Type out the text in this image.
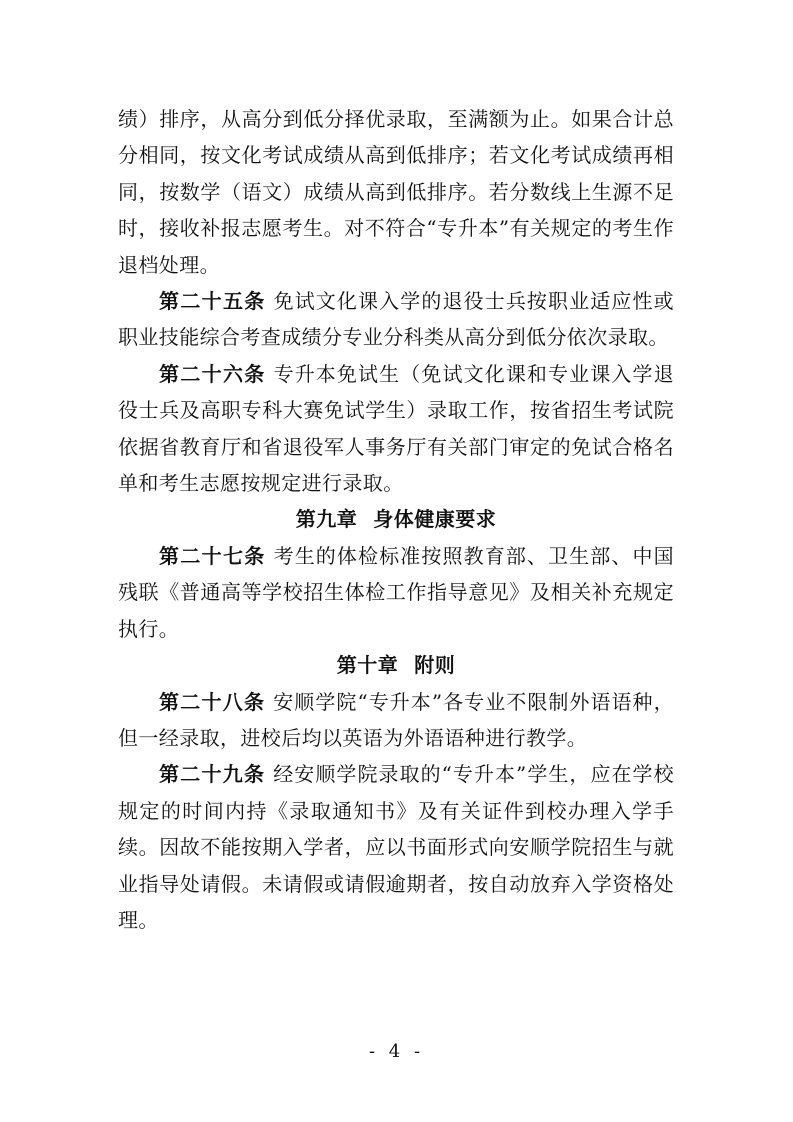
绩）排序，从高分到低分择优录取，至满额为止。如果合计总分相同，按文化考试成绩从高到低排序；若文化考试成绩再相同，按数学（语文）成绩从高到低排序。若分数线上生源不足时，接收补报志愿考生。对不符合“专升本”有关规定的考生作退档处理。

第二十五条 免试文化课入学的退役士兵按职业适应性或职业技能综合考查成绩分专业分科类从高分到低分依次录取。

第二十六条 专升本免试生（免试文化课和专业课入学退役士兵及高职专科大赛免试学生）录取工作，按省招生考试院依据省教育厅和省退役军人事务厅有关部门审定的免试合格名单和考生志愿按规定进行录取。

第九章 身体健康要求

第二十七条 考生的体检标准按照教育部、卫生部、中国残联《普通高等学校招生体检工作指导意见》及相关补充规定执行。

第十章 附则

第二十八条 安顺学院“专升本”各专业不限制外语语种，但一经录取，进校后均以英语为外语语种进行教学。

第二十九条 经安顺学院录取的“专升本”学生，应在学校规定的时间内持《录取通知书》及有关证件到校办理入学手续。因故不能按期入学者，应以书面形式向安顺学院招生与就业指导处请假。未请假或请假逾期者，按自动放弃入学资格处理。

- 4 -
